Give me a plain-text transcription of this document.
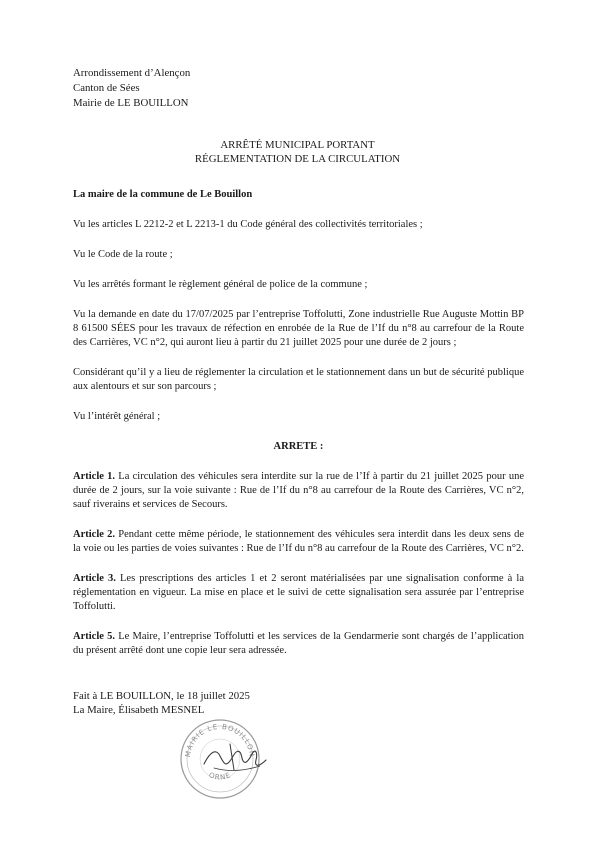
Arrondissement d’Alençon
Canton de Sées
Mairie de LE BOUILLON
ARRÊTÉ MUNICIPAL PORTANT
RÉGLEMENTATION DE LA CIRCULATION

La maire de la commune de Le Bouillon

Vu les articles L 2212-2 et L 2213-1 du Code général des collectivités territoriales ;

Vu le Code de la route ;

Vu les arrêtés formant le règlement général de police de la commune ;

Vu la demande en date du 17/07/2025 par l’entreprise Toffolutti, Zone industrielle Rue Auguste Mottin BP 8 61500 SÉES pour les travaux de réfection en enrobée de la Rue de l’If du n°8 au carrefour de la Route des Carrières, VC n°2, qui auront lieu à partir du 21 juillet 2025 pour une durée de 2 jours ;

Considérant qu’il y a lieu de réglementer la circulation et le stationnement dans un but de sécurité publique aux alentours et sur son parcours ;

Vu l’intérêt général ;

ARRETE :

Article 1. La circulation des véhicules sera interdite sur la rue de l’If à partir du 21 juillet 2025 pour une durée de 2 jours, sur la voie suivante : Rue de l’If du n°8 au carrefour de la Route des Carrières, VC n°2, sauf riverains et services de Secours.

Article 2. Pendant cette même période, le stationnement des véhicules sera interdit dans les deux sens de la voie ou les parties de voies suivantes : Rue de l’If du n°8 au carrefour de la Route des Carrières, VC n°2.

Article 3. Les prescriptions des articles 1 et 2 seront matérialisées par une signalisation conforme à la réglementation en vigueur. La mise en place et le suivi de cette signalisation sera assurée par l’entreprise Toffolutti.

Article 5. Le Maire, l’entreprise Toffolutti et les services de la Gendarmerie sont chargés de l’application du présent arrêté dont une copie leur sera adressée.

Fait à LE BOUILLON, le 18 juillet 2025
La Maire, Élisabeth MESNEL
MAIRIE LE BOUILLON
ORNE
